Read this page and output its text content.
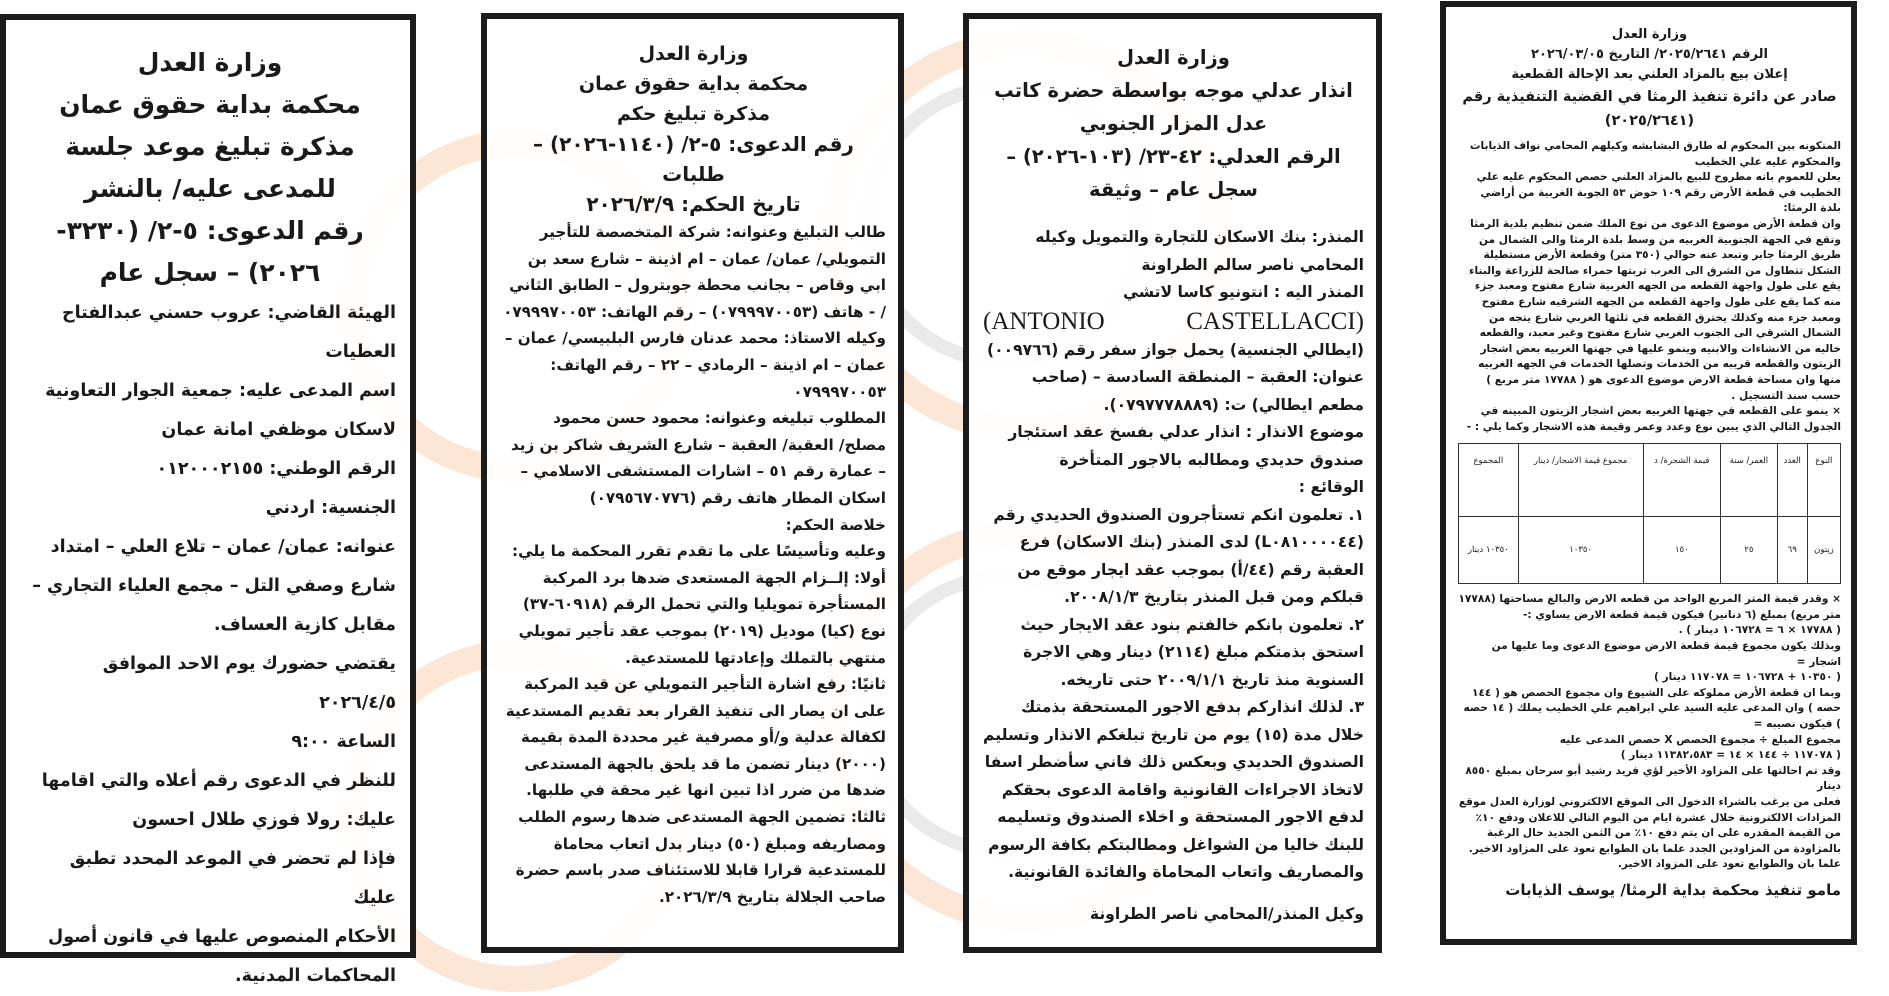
وزارة العدل
محكمة بداية حقوق عمان
مذكرة تبليغ موعد جلسة
للمدعى عليه/ بالنشر
رقم الدعوى: ٥-٢/ (٣٢٣٠-
٢٠٢٦) – سجل عام

الهيئة القاضي: عروب حسني عبدالفتاح

العطيات

اسم المدعى عليه: جمعية الجوار التعاونية

لاسكان موظفي امانة عمان

الرقم الوطني: ٠١٢٠٠٠٢١٥٥

الجنسية: اردني

عنوانه: عمان/ عمان – تلاع العلي – امتداد

شارع وصفي التل – مجمع العلياء التجاري –

مقابل كازية العساف.

يقتضي حضورك يوم الاحد الموافق ٢٠٢٦/٤/٥

الساعة ٩:٠٠

للنظر في الدعوى رقم أعلاه والتي اقامها

عليك: رولا فوزي طلال احسون

فإذا لم تحضر في الموعد المحدد تطبق عليك

الأحكام المنصوص عليها في قانون أصول

المحاكمات المدنية.

وزارة العدل
محكمة بداية حقوق عمان
مذكرة تبليغ حكم
رقم الدعوى: ٥-٢/ (١١٤٠-٢٠٢٦) –
طلبات
تاريخ الحكم: ٢٠٢٦/٣/٩

طالب التبليغ وعنوانه: شركة المتخصصة للتأجير التمويلي/ عمان/ عمان – ام اذينة – شارع سعد بن ابي وقاص – بجانب محطة جوبترول – الطابق الثاني / - هاتف (٠٧٩٩٩٧٠٠٥٣) – رقم الهاتف: ٠٧٩٩٩٧٠٠٥٣

وكيله الاستاذ: محمد عدنان فارس البلبيسي/ عمان – عمان – ام اذينة – الرمادي – ٢٢ – رقم الهاتف: ٠٧٩٩٩٧٠٠٥٣

المطلوب تبليغه وعنوانه: محمود حسن محمود مصلح/ العقبة/ العقبة – شارع الشريف شاكر بن زيد – عمارة رقم ٥١ – اشارات المستشفى الاسلامي – اسكان المطار هاتف رقم (٠٧٩٥٦٧٠٧٧٦)

خلاصة الحكم:

وعليه وتأسيسًا على ما تقدم تقرر المحكمة ما يلي:

أولا: إلــزام الجهة المستعدى ضدها برد المركبة المستأجرة تمويليا والتي تحمل الرقم (٦٠٩١٨-٣٧) نوع (كيا) موديل (٢٠١٩) بموجب عقد تأجير تمويلي منتهي بالتملك وإعادتها للمستدعية.

ثانيًا: رفع اشارة التأجير التمويلي عن قيد المركبة على ان يصار الى تنفيذ القرار بعد تقديم المستدعية لكفالة عدلية و/أو مصرفية غير محددة المدة بقيمة (٢٠٠٠) دينار تضمن ما قد يلحق بالجهة المستدعى ضدها من ضرر اذا تبين انها غير محقة في طلبها.

ثالثا: تضمين الجهة المستدعى ضدها رسوم الطلب ومصاريفه ومبلغ (٥٠) دينار بدل اتعاب محاماة للمستدعية قرارا قابلا للاستئناف صدر باسم حضرة صاحب الجلالة بتاريخ ٢٠٢٦/٣/٩.

وزارة العدل
انذار عدلي موجه بواسطة حضرة كاتب
عدل المزار الجنوبي
الرقم العدلي: ٤٢-٢٣/ (١٠٣-٢٠٢٦) –
سجل عام – وثيقة

المنذر: بنك الاسكان للتجارة والتمويل وكيله المحامي ناصر سالم الطراونة

المنذر اليه : انتونيو كاسا لاتشي

(ANTONIO CASTELLACCI)

(ايطالي الجنسية) يحمل جواز سفر رقم (٠٠٩٧٦٦)

عنوان: العقبة – المنطقة السادسة – (صاحب مطعم ايطالي) ت: (٠٧٩٧٧٧٨٨٨٩).

موضوع الانذار : انذار عدلي بفسخ عقد استئجار صندوق حديدي ومطالبه بالاجور المتأخرة

الوقائع :

١. تعلمون انكم تستأجرون الصندوق الحديدي رقم (L٠٨١٠٠٠٠٤٤) لدى المنذر (بنك الاسكان) فرع العقبة رقم (٤٤/أ) بموجب عقد ايجار موقع من قبلكم ومن قبل المنذر بتاريخ ٢٠٠٨/١/٣.

٢. تعلمون بانكم خالفتم بنود عقد الايجار حيث استحق بذمتكم مبلغ (٢١١٤) دينار وهي الاجرة السنوية منذ تاريخ ٢٠٠٩/١/١ حتى تاريخه.

٣. لذلك انذاركم بدفع الاجور المستحقة بذمتك خلال مدة (١٥) يوم من تاريخ تبلغكم الانذار وتسليم الصندوق الحديدي وبعكس ذلك فاني سأضطر اسفا لاتخاذ الاجراءات القانونية واقامة الدعوى بحقكم لدفع الاجور المستحقة و اخلاء الصندوق وتسليمه للبنك خاليا من الشواغل ومطالبتكم بكافة الرسوم والمصاريف واتعاب المحاماة والفائدة القانونية.

وكيل المنذر/المحامي ناصر الطراونة
وزارة العدل
الرقم ٢٠٢٥/٢٦٤١/ التاريخ ٢٠٢٦/٠٣/٠٥
إعلان بيع بالمزاد العلني بعد الإحالة القطعية
صادر عن دائرة تنفيذ الرمثا في القضية التنفيذية رقم (٢٠٢٥/٢٦٤١)

المتكونه بين المحكوم له طارق البشابشه وكيلهم المحامي نواف الذيابات والمحكوم عليه علي الخطيب

يعلن للعموم بانه مطروح للبيع بالمزاد العلني حصص المحكوم عليه علي الخطيب في قطعة الأرض رقم ١٠٩ حوض ٥٣ الجوبة الغربية من أراضي بلدة الرمثا:

وان قطعة الأرض موضوع الدعوى من نوع الملك ضمن تنظيم بلدية الرمثا وتقع في الجهة الجنوبية الغربيه من وسط بلدة الرمثا والى الشمال من طريق الرمثا جابر وتبعد عنه حوالي (٣٥٠ متر) وقطعة الأرض مستطيلة الشكل تتطاول من الشرق الى الغرب تربتها حمراء صالحة للزراعة والبناء يقع على طول واجهة القطعه من الجهه الغربية شارع مفتوح ومعبد جزء منه كما يقع على طول واجهة القطعه من الجهه الشرقيه شارع مفتوح ومعبد جزء منه وكذلك يخترق القطعه في ثلثها الغربي شارع يتجه من الشمال الشرقي الى الجنوب الغربي شارع مفتوح وغير معبد، والقطعه خاليه من الانشاءات والابنيه وينمو عليها في جهتها الغربيه بعض اشجار الزيتون والقطعه قريبه من الخدمات وتصلها الخدمات في الجهه الغربيه منها وان مساحة قطعة الارض موضوع الدعوى هو ( ١٧٧٨٨ متر مربع ) حسب سند التسجيل .

× ينمو على القطعه في جهتها الغربيه بعض اشجار الزيتون المبينه في الجدول التالي الذي يبين نوع وعدد وعمر وقيمة هذه الاشجار وكما يلي : -

النوع	العدد	العمر/ سنة	قيمة الشجرة/ د	مجموع قيمة الاشجار/ دينار	المجموع
زيتون	٦٩	٢٥	١٥٠	١٠٣٥٠	١٠٣٥٠ دينار

× وقدر قيمة المتر المربع الواحد من قطعه الارض والبالغ مساحتها (١٧٧٨٨ متر مربع) بمبلغ (٦ دنانير) فيكون قيمة قطعة الارض يساوي :-

( ١٧٧٨٨ × ٦ = ١٠٦٧٢٨ دينار ) .

وبذلك يكون مجموع قيمة قطعة الارض موضوع الدعوى وما عليها من اشجار =

( ١٠٣٥٠ + ١٠٦٧٢٨ = ١١٧٠٧٨ دينار )

وبما ان قطعة الأرض مملوكه على الشيوع وان مجموع الحصص هو ( ١٤٤ حصه ) وان المدعى عليه السيد علي ابراهيم علي الخطيب يملك ( ١٤ حصه ) فيكون نصيبه =

مجموع المبلغ ÷ مجموع الحصص X حصص المدعى عليه

( ١١٧٠٧٨ ÷ ١٤٤ × ١٤ = ١١٣٨٢،٥٨٣ دينار )

وقد تم احالتها على المزاود الأخير لؤي فريد رشيد أبو سرحان بمبلغ ٨٥٥٠ دينار

فعلى من يرغب بالشراء الدخول الى الموقع الالكتروني لوزارة العدل موقع المزادات الالكترونية خلال عشرة ايام من اليوم التالي للاعلان ودفع ١٠٪ من القيمة المقدره على ان يتم دفع ١٠٪ من الثمن الجديد حال الرغبة بالمزاودة من المزاودين الجدد علما بان الطوابع تعود على المزاود الاخير.

علما بان والطوابع تعود على المزواد الاخير.

مامو تنفيذ محكمة بداية الرمثا/ يوسف الذيابات
